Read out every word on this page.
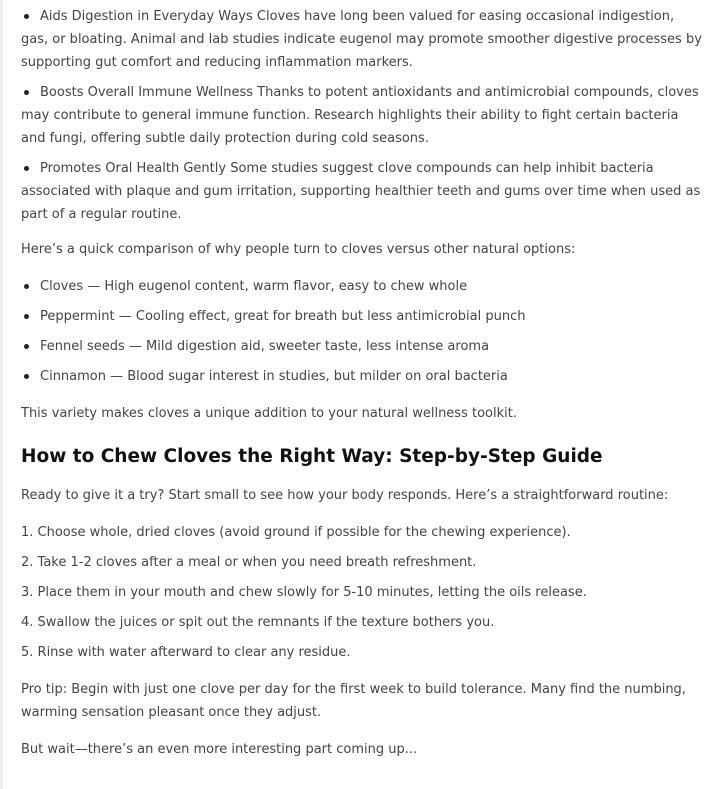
Aids Digestion in Everyday Ways Cloves have long been valued for easing occasional indigestion, gas, or bloating. Animal and lab studies indicate eugenol may promote smoother digestive processes by supporting gut comfort and reducing inflammation markers.
Boosts Overall Immune Wellness Thanks to potent antioxidants and antimicrobial compounds, cloves may contribute to general immune function. Research highlights their ability to fight certain bacteria and fungi, offering subtle daily protection during cold seasons.
Promotes Oral Health Gently Some studies suggest clove compounds can help inhibit bacteria associated with plaque and gum irritation, supporting healthier teeth and gums over time when used as part of a regular routine.

Here’s a quick comparison of why people turn to cloves versus other natural options:

Cloves — High eugenol content, warm flavor, easy to chew whole
Peppermint — Cooling effect, great for breath but less antimicrobial punch
Fennel seeds — Mild digestion aid, sweeter taste, less intense aroma
Cinnamon — Blood sugar interest in studies, but milder on oral bacteria

This variety makes cloves a unique addition to your natural wellness toolkit.

How to Chew Cloves the Right Way: Step-by-Step Guide

Ready to give it a try? Start small to see how your body responds. Here’s a straightforward routine:

1. Choose whole, dried cloves (avoid ground if possible for the chewing experience).
2. Take 1-2 cloves after a meal or when you need breath refreshment.
3. Place them in your mouth and chew slowly for 5-10 minutes, letting the oils release.
4. Swallow the juices or spit out the remnants if the texture bothers you.
5. Rinse with water afterward to clear any residue.

Pro tip: Begin with just one clove per day for the first week to build tolerance. Many find the numbing, warming sensation pleasant once they adjust.

But wait—there’s an even more interesting part coming up...
